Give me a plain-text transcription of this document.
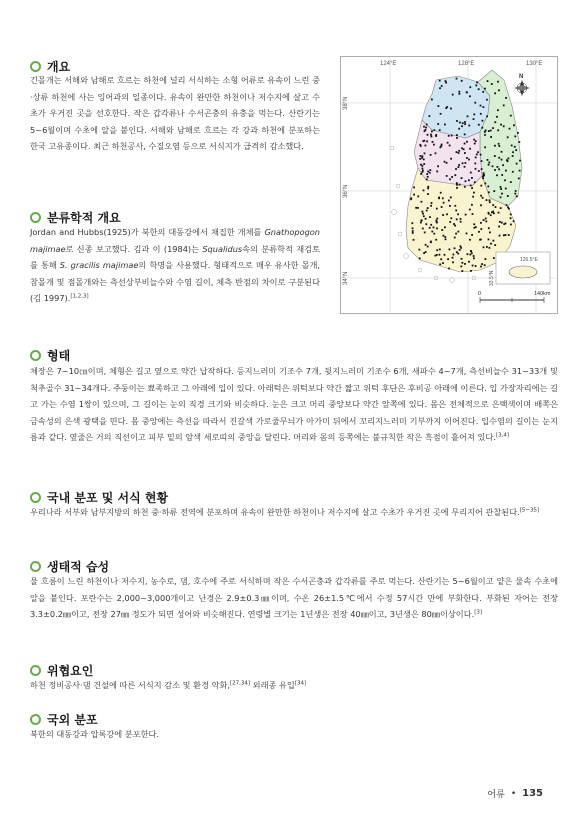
개요

긴몰개는 서해와 남해로 흐르는 하천에 널리 서식하는 소형 어류로 유속이 느린 중·상류 하천에 사는 잉어과의 일종이다. 유속이 완만한 하천이나 저수지에 살고 수초가 우거진 곳을 선호한다. 작은 갑각류나 수서곤충의 유충을 먹는다. 산란기는 5~6월이며 수초에 알을 붙인다. 서해와 남해로 흐르는 각 강과 하천에 분포하는 한국 고유종이다. 최근 하천공사, 수질오염 등으로 서식지가 급격히 감소했다.

분류학적 개요

Jordan and Hubbs(1925)가 북한의 대동강에서 채집한 개체를 Gnathopogon majimae로 신종 보고했다. 김과 이 (1984)는 Squalidus속의 분류학적 재검토를 통해 S. gracilis majimae의 학명을 사용했다. 형태적으로 매우 유사한 몰개, 참몰개 및 점몰개와는 측선상부비늘수와 수염 길이, 체측 반점의 차이로 구분된다(김 1997).[1,2,3]

124°E	128°E	130°E
38°N
36°N
34°N
N
126.5°E
33.5°N
0	140km
형태

체장은 7~10㎝이며, 체형은 길고 옆으로 약간 납작하다. 등지느러미 기조수 7개, 뒷지느러미 기조수 6개, 새파수 4~7개, 측선비늘수 31~33개 및 척추골수 31~34개다. 주둥이는 뾰족하고 그 아래에 입이 있다. 아래턱은 위턱보다 약간 짧고 위턱 후단은 후비공 아래에 이른다. 입 가장자리에는 길고 가는 수염 1쌍이 있으며, 그 길이는 눈의 직경 크기와 비슷하다. 눈은 크고 머리 중앙보다 약간 앞쪽에 있다. 몸은 전체적으로 은백색이며 배쪽은 금속성의 은색 광택을 띤다. 몸 중앙에는 측선을 따라서 진갈색 가로줄무늬가 아가미 뒤에서 꼬리지느러미 기부까지 이어진다. 입수염의 길이는 눈지름과 같다. 옆줄은 거의 직선이고 피부 밑의 암색 세로띠의 중앙을 달린다. 머리와 몸의 등쪽에는 불규칙한 작은 흑점이 흩어져 있다.[3,4]

국내 분포 및 서식 현황

우리나라 서부와 남부지방의 하천 중·하류 전역에 분포하며 유속이 완만한 하천이나 저수지에 살고 수초가 우거진 곳에 무리지어 관찰된다.[5~35]

생태적 습성

물 흐름이 느린 하천이나 저수지, 농수로, 댐, 호수에 주로 서식하며 작은 수서곤충과 갑각류를 주로 먹는다. 산란기는 5~6월이고 얕은 물속 수초에 알을 붙인다. 포란수는 2,000~3,000개이고 난경은 2.9±0.3㎜이며, 수온 26±1.5℃에서 수정 57시간 만에 부화한다. 부화된 자어는 전장 3.3±0.2㎜이고, 전장 27㎜ 정도가 되면 성어와 비슷해진다. 연령별 크기는 1년생은 전장 40㎜이고, 3년생은 80㎜이상이다.[3]

위협요인

하천 정비공사·댐 건설에 따른 서식지 감소 및 환경 악화,[27,34] 외래종 유입[34]

국외 분포

북한의 대동강과 압록강에 분포한다.

어류 • 135
